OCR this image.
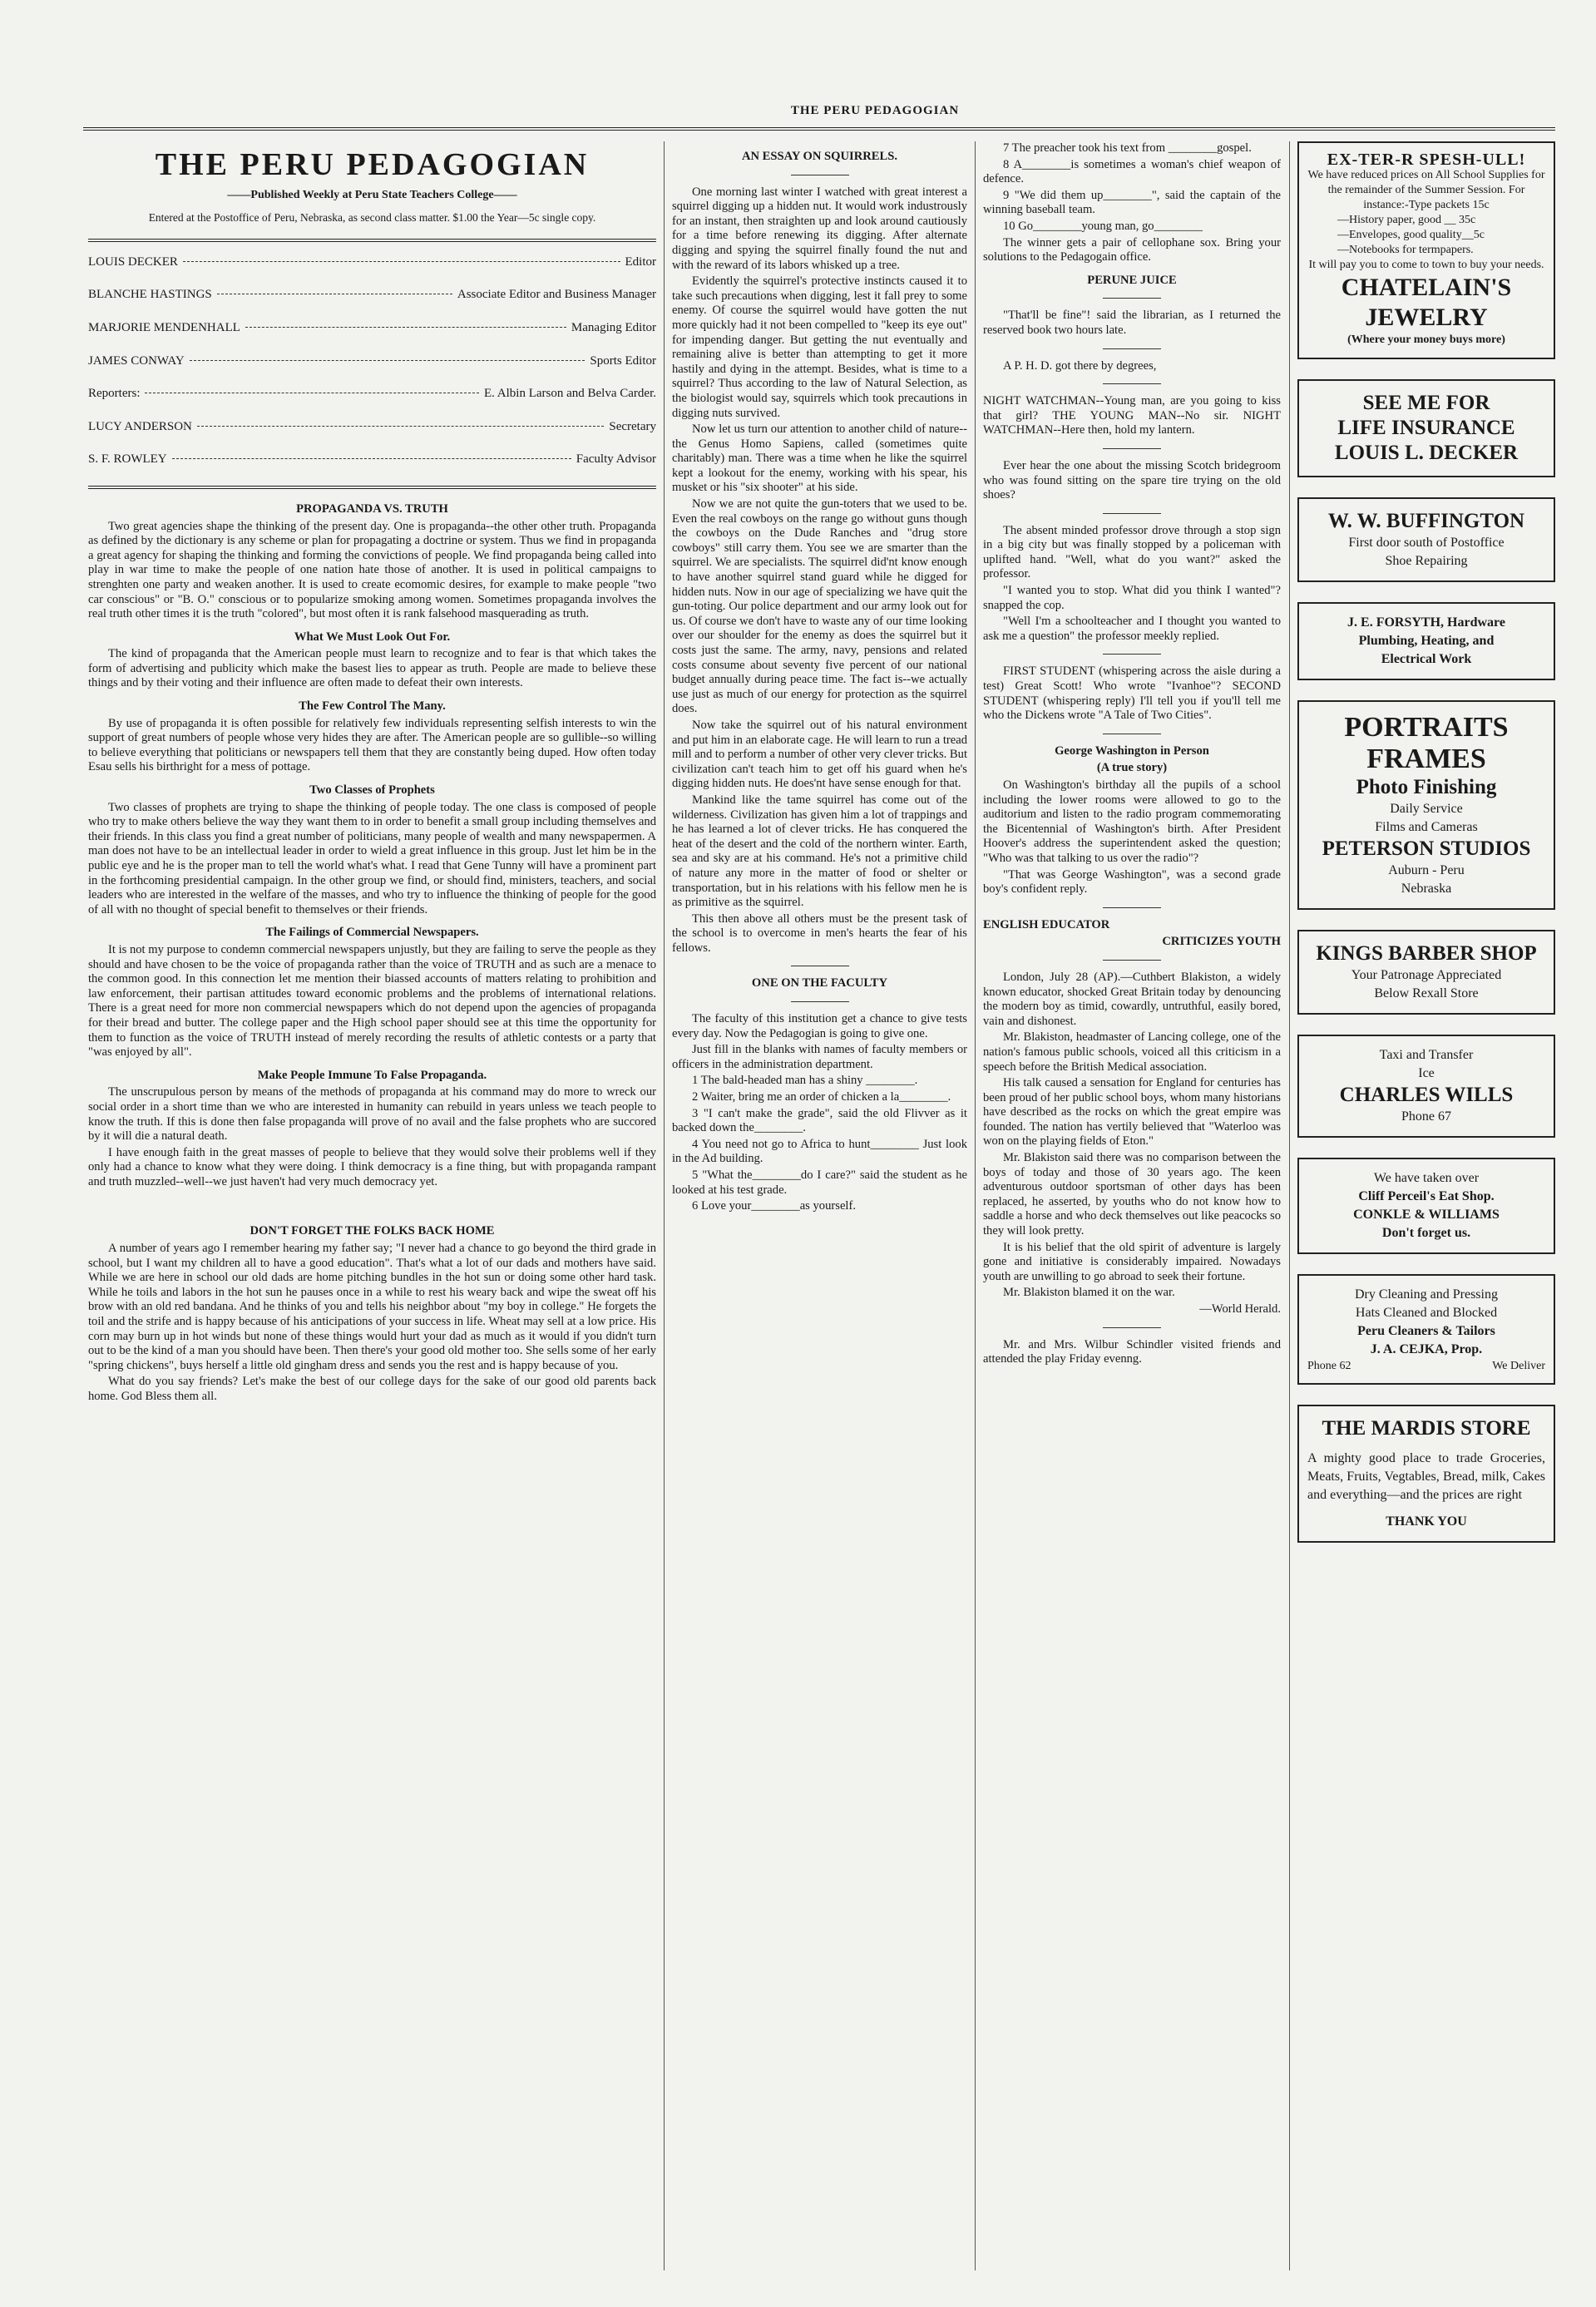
THE PERU PEDAGOGIAN
THE PERU PEDAGOGIAN
——Published Weekly at Peru State Teachers College——
Entered at the Postoffice of Peru, Nebraska, as second class matter. $1.00 the Year—5c single copy.
LOUIS DECKER	Editor
BLANCHE HASTINGS	Associate Editor and Business Manager
MARJORIE MENDENHALL	Managing Editor
JAMES CONWAY	Sports Editor
Reporters:	E. Albin Larson and Belva Carder.
LUCY ANDERSON	Secretary
S. F. ROWLEY	Faculty Advisor
PROPAGANDA VS. TRUTH
Two great agencies shape the thinking of the present day. One is propaganda--the other other truth. Propaganda as defined by the dictionary is any scheme or plan for propagating a doctrine or system. Thus we find in propaganda a great agency for shaping the thinking and forming the convictions of people. We find propaganda being called into play in war time to make the people of one nation hate those of another. It is used in political campaigns to strenghten one party and weaken another. It is used to create ecomomic desires, for example to make people "two car conscious" or "B. O." conscious or to popularize smoking among women. Sometimes propaganda involves the real truth other times it is the truth "colored", but most often it is rank falsehood masquerading as truth.
What We Must Look Out For.
The kind of propaganda that the American people must learn to recognize and to fear is that which takes the form of advertising and publicity which make the basest lies to appear as truth. People are made to believe these things and by their voting and their influence are often made to defeat their own interests.
The Few Control The Many.
By use of propaganda it is often possible for relatively few individuals representing selfish interests to win the support of great numbers of people whose very hides they are after. The American people are so gullible--so willing to believe everything that politicians or newspapers tell them that they are constantly being duped. How often today Esau sells his birthright for a mess of pottage.
Two Classes of Prophets
Two classes of prophets are trying to shape the thinking of people today. The one class is composed of people who try to make others believe the way they want them to in order to benefit a small group including themselves and their friends. In this class you find a great number of politicians, many people of wealth and many newspapermen. A man does not have to be an intellectual leader in order to wield a great influence in this group. Just let him be in the public eye and he is the proper man to tell the world what's what. I read that Gene Tunny will have a prominent part in the forthcoming presidential campaign. In the other group we find, or should find, ministers, teachers, and social leaders who are interested in the welfare of the masses, and who try to influence the thinking of people for the good of all with no thought of special benefit to themselves or their friends.
The Failings of Commercial Newspapers.
It is not my purpose to condemn commercial newspapers unjustly, but they are failing to serve the people as they should and have chosen to be the voice of propaganda rather than the voice of TRUTH and as such are a menace to the common good. In this connection let me mention their biassed accounts of matters relating to prohibition and law enforcement, their partisan attitudes toward economic problems and the problems of international relations. There is a great need for more non commercial newspapers which do not depend upon the agencies of propaganda for their bread and butter. The college paper and the High school paper should see at this time the opportunity for them to function as the voice of TRUTH instead of merely recording the results of athletic contests or a party that "was enjoyed by all".
Make People Immune To False Propaganda.
The unscrupulous person by means of the methods of propaganda at his command may do more to wreck our social order in a short time than we who are interested in humanity can rebuild in years unless we teach people to know the truth. If this is done then false propaganda will prove of no avail and the false prophets who are succored by it will die a natural death.
I have enough faith in the great masses of people to believe that they would solve their problems well if they only had a chance to know what they were doing. I think democracy is a fine thing, but with propaganda rampant and truth muzzled--well--we just haven't had very much democracy yet.
DON'T FORGET THE FOLKS BACK HOME
A number of years ago I remember hearing my father say; "I never had a chance to go beyond the third grade in school, but I want my children all to have a good education". That's what a lot of our dads and mothers have said. While we are here in school our old dads are home pitching bundles in the hot sun or doing some other hard task. While he toils and labors in the hot sun he pauses once in a while to rest his weary back and wipe the sweat off his brow with an old red bandana. And he thinks of you and tells his neighbor about "my boy in college." He forgets the toil and the strife and is happy because of his anticipations of your success in life. Wheat may sell at a low price. His corn may burn up in hot winds but none of these things would hurt your dad as much as it would if you didn't turn out to be the kind of a man you should have been. Then there's your good old mother too. She sells some of her early "spring chickens", buys herself a little old gingham dress and sends you the rest and is happy because of you.
What do you say friends? Let's make the best of our college days for the sake of our good old parents back home. God Bless them all.
AN ESSAY ON SQUIRRELS.
One morning last winter I watched with great interest a squirrel digging up a hidden nut. It would work industrously for an instant, then straighten up and look around cautiously for a time before renewing its digging. After alternate digging and spying the squirrel finally found the nut and with the reward of its labors whisked up a tree.
Evidently the squirrel's protective instincts caused it to take such precautions when digging, lest it fall prey to some enemy. Of course the squirrel would have gotten the nut more quickly had it not been compelled to "keep its eye out" for impending danger. But getting the nut eventually and remaining alive is better than attempting to get it more hastily and dying in the attempt. Besides, what is time to a squirrel? Thus according to the law of Natural Selection, as the biologist would say, squirrels which took precautions in digging nuts survived.
Now let us turn our attention to another child of nature--the Genus Homo Sapiens, called (sometimes quite charitably) man. There was a time when he like the squirrel kept a lookout for the enemy, working with his spear, his musket or his "six shooter" at his side.
Now we are not quite the gun-toters that we used to be. Even the real cowboys on the range go without guns though the cowboys on the Dude Ranches and "drug store cowboys" still carry them. You see we are smarter than the squirrel. We are specialists. The squirrel did'nt know enough to have another squirrel stand guard while he digged for hidden nuts. Now in our age of specializing we have quit the gun-toting. Our police department and our army look out for us. Of course we don't have to waste any of our time looking over our shoulder for the enemy as does the squirrel but it costs just the same. The army, navy, pensions and related costs consume about seventy five percent of our national budget annually during peace time. The fact is--we actually use just as much of our energy for protection as the squirrel does.
Now take the squirrel out of his natural environment and put him in an elaborate cage. He will learn to run a tread mill and to perform a number of other very clever tricks. But civilization can't teach him to get off his guard when he's digging hidden nuts. He does'nt have sense enough for that.
Mankind like the tame squirrel has come out of the wilderness. Civilization has given him a lot of trappings and he has learned a lot of clever tricks. He has conquered the heat of the desert and the cold of the northern winter. Earth, sea and sky are at his command. He's not a primitive child of nature any more in the matter of food or shelter or transportation, but in his relations with his fellow men he is as primitive as the squirrel.
This then above all others must be the present task of the school is to overcome in men's hearts the fear of his fellows.
ONE ON THE FACULTY
The faculty of this institution get a chance to give tests every day. Now the Pedagogian is going to give one.
Just fill in the blanks with names of faculty members or officers in the administration department.
1 The bald-headed man has a shiny ________.
2 Waiter, bring me an order of chicken a la________.
3 "I can't make the grade", said the old Flivver as it backed down the________.
4 You need not go to Africa to hunt________ Just look in the Ad building.
5 "What the________do I care?" said the student as he looked at his test grade.
6 Love your________as yourself.
7 The preacher took his text from ________gospel.
8 A________is sometimes a woman's chief weapon of defence.
9 "We did them up________", said the captain of the winning baseball team.
10 Go________young man, go________
The winner gets a pair of cellophane sox. Bring your solutions to the Pedagogain office.
PERUNE JUICE
"That'll be fine"! said the librarian, as I returned the reserved book two hours late.
A P. H. D. got there by degrees,
NIGHT WATCHMAN--Young man, are you going to kiss that girl? THE YOUNG MAN--No sir. NIGHT WATCHMAN--Here then, hold my lantern.
Ever hear the one about the missing Scotch bridegroom who was found sitting on the spare tire trying on the old shoes?
The absent minded professor drove through a stop sign in a big city but was finally stopped by a policeman with uplifted hand. "Well, what do you want?" asked the professor.
"I wanted you to stop. What did you think I wanted"? snapped the cop.
"Well I'm a schoolteacher and I thought you wanted to ask me a question" the professor meekly replied.
FIRST STUDENT (whispering across the aisle during a test) Great Scott! Who wrote "Ivanhoe"? SECOND STUDENT (whispering reply) I'll tell you if you'll tell me who the Dickens wrote "A Tale of Two Cities".
George Washington in Person
(A true story)
On Washington's birthday all the pupils of a school including the lower rooms were allowed to go to the auditorium and listen to the radio program commemorating the Bicentennial of Washington's birth. After President Hoover's address the superintendent asked the question; "Who was that talking to us over the radio"?
"That was George Washington", was a second grade boy's confident reply.
ENGLISH EDUCATOR
CRITICIZES YOUTH
London, July 28 (AP).—Cuthbert Blakiston, a widely known educator, shocked Great Britain today by denouncing the modern boy as timid, cowardly, untruthful, easily bored, vain and dishonest.
Mr. Blakiston, headmaster of Lancing college, one of the nation's famous public schools, voiced all this criticism in a speech before the British Medical association.
His talk caused a sensation for England for centuries has been proud of her public school boys, whom many historians have described as the rocks on which the great empire was founded. The nation has vertily believed that "Waterloo was won on the playing fields of Eton."
Mr. Blakiston said there was no comparison between the boys of today and those of 30 years ago. The keen adventurous outdoor sportsman of other days has been replaced, he asserted, by youths who do not know how to saddle a horse and who deck themselves out like peacocks so they will look pretty.
It is his belief that the old spirit of adventure is largely gone and initiative is considerably impaired. Nowadays youth are unwilling to go abroad to seek their fortune.
Mr. Blakiston blamed it on the war.
—World Herald.
Mr. and Mrs. Wilbur Schindler visited friends and attended the play Friday evenng.
EX-TER-R SPESH-ULL!
We have reduced prices on All School Supplies for the remainder of the Summer Session. For instance:-Type packets 15c
—History paper, good __ 35c
—Envelopes, good quality__5c
—Notebooks for termpapers.
It will pay you to come to town to buy your needs.
CHATELAIN'S
JEWELRY
(Where your money buys more)
SEE ME FOR
LIFE INSURANCE
LOUIS L. DECKER
W. W. BUFFINGTON
First door south of Postoffice
Shoe Repairing
J. E. FORSYTH, Hardware
Plumbing, Heating, and
Electrical Work
PORTRAITS
FRAMES
Photo Finishing
Daily Service
Films and Cameras
PETERSON STUDIOS
Auburn - Peru
Nebraska
KINGS BARBER SHOP
Your Patronage Appreciated
Below Rexall Store
Taxi and Transfer
Ice
CHARLES WILLS
Phone 67
We have taken over
Cliff Perceil's Eat Shop.
CONKLE & WILLIAMS
Don't forget us.
Dry Cleaning and Pressing
Hats Cleaned and Blocked
Peru Cleaners & Tailors
J. A. CEJKA, Prop.
Phone 62	We Deliver
THE MARDIS STORE
A mighty good place to trade Groceries, Meats, Fruits, Vegtables, Bread, milk, Cakes and everything—and the prices are right
THANK YOU
